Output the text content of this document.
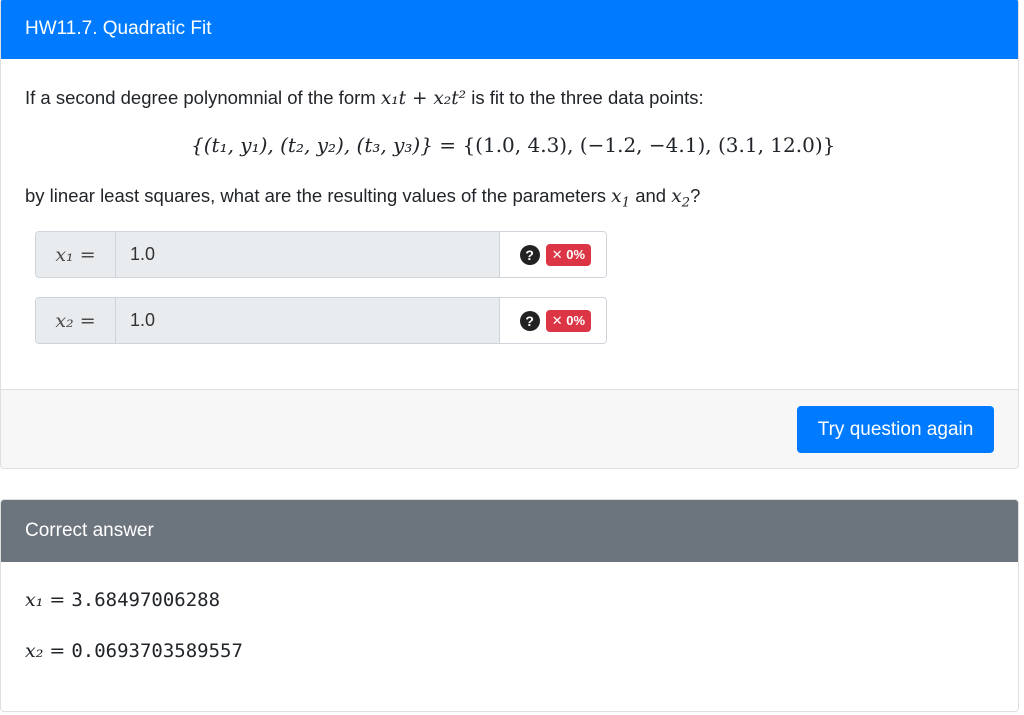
HW11.7. Quadratic Fit
If a second degree polynomnial of the form x₁t + x₂t² is fit to the three data points:
{(t₁, y₁), (t₂, y₂), (t₃, y₃)} = {(1.0, 4.3), (−1.2, −4.1), (3.1, 12.0)}
by linear least squares, what are the resulting values of the parameters $x_1$ and $x_2$?
x₁ =	1.0	?	✕ 0%
x₂ =	1.0	?	✕ 0%
Try question again
Correct answer
x₁ = 3.68497006288
x₂ = 0.0693703589557
